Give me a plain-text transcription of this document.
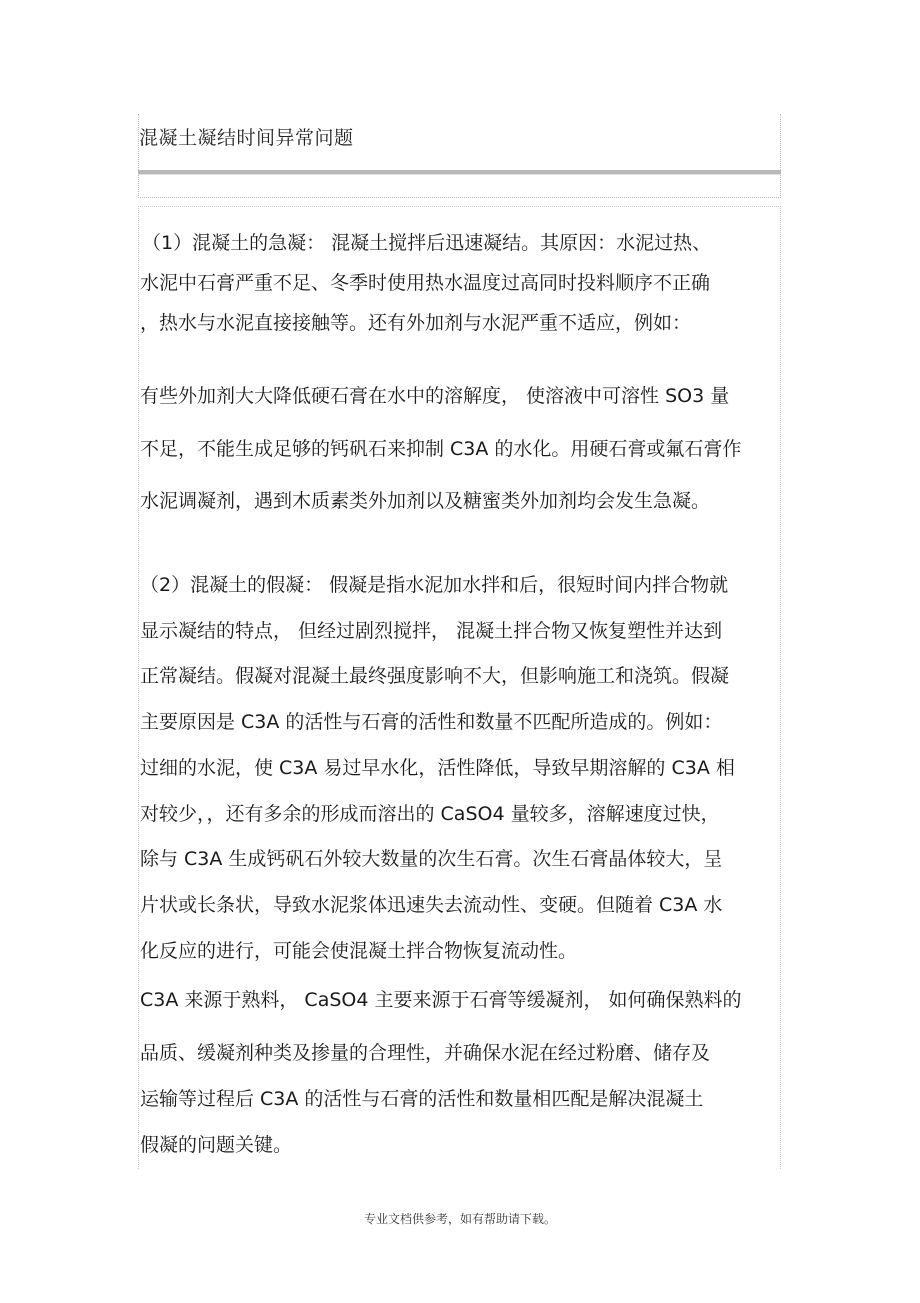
混凝土凝结时间异常问题
（1）混凝土的急凝： 混凝土搅拌后迅速凝结。其原因：水泥过热、
水泥中石膏严重不足、冬季时使用热水温度过高同时投料顺序不正确
，热水与水泥直接接触等。还有外加剂与水泥严重不适应，例如：
有些外加剂大大降低硬石膏在水中的溶解度， 使溶液中可溶性 SO3 量
不足，不能生成足够的钙矾石来抑制 C3A 的水化。用硬石膏或氟石膏作
水泥调凝剂，遇到木质素类外加剂以及糖蜜类外加剂均会发生急凝。
（2）混凝土的假凝： 假凝是指水泥加水拌和后，很短时间内拌合物就
显示凝结的特点， 但经过剧烈搅拌， 混凝土拌合物又恢复塑性并达到
正常凝结。假凝对混凝土最终强度影响不大，但影响施工和浇筑。假凝
主要原因是 C3A 的活性与石膏的活性和数量不匹配所造成的。例如：
过细的水泥，使 C3A 易过早水化，活性降低，导致早期溶解的 C3A 相
对较少，，还有多余的形成而溶出的 CaSO4 量较多，溶解速度过快，
除与 C3A 生成钙矾石外较大数量的次生石膏。次生石膏晶体较大，呈
片状或长条状，导致水泥浆体迅速失去流动性、变硬。但随着 C3A 水
化反应的进行，可能会使混凝土拌合物恢复流动性。
C3A 来源于熟料， CaSO4 主要来源于石膏等缓凝剂， 如何确保熟料的
品质、缓凝剂种类及掺量的合理性，并确保水泥在经过粉磨、储存及
运输等过程后 C3A 的活性与石膏的活性和数量相匹配是解决混凝土
假凝的问题关键。
专业文档供参考，如有帮助请下载。
